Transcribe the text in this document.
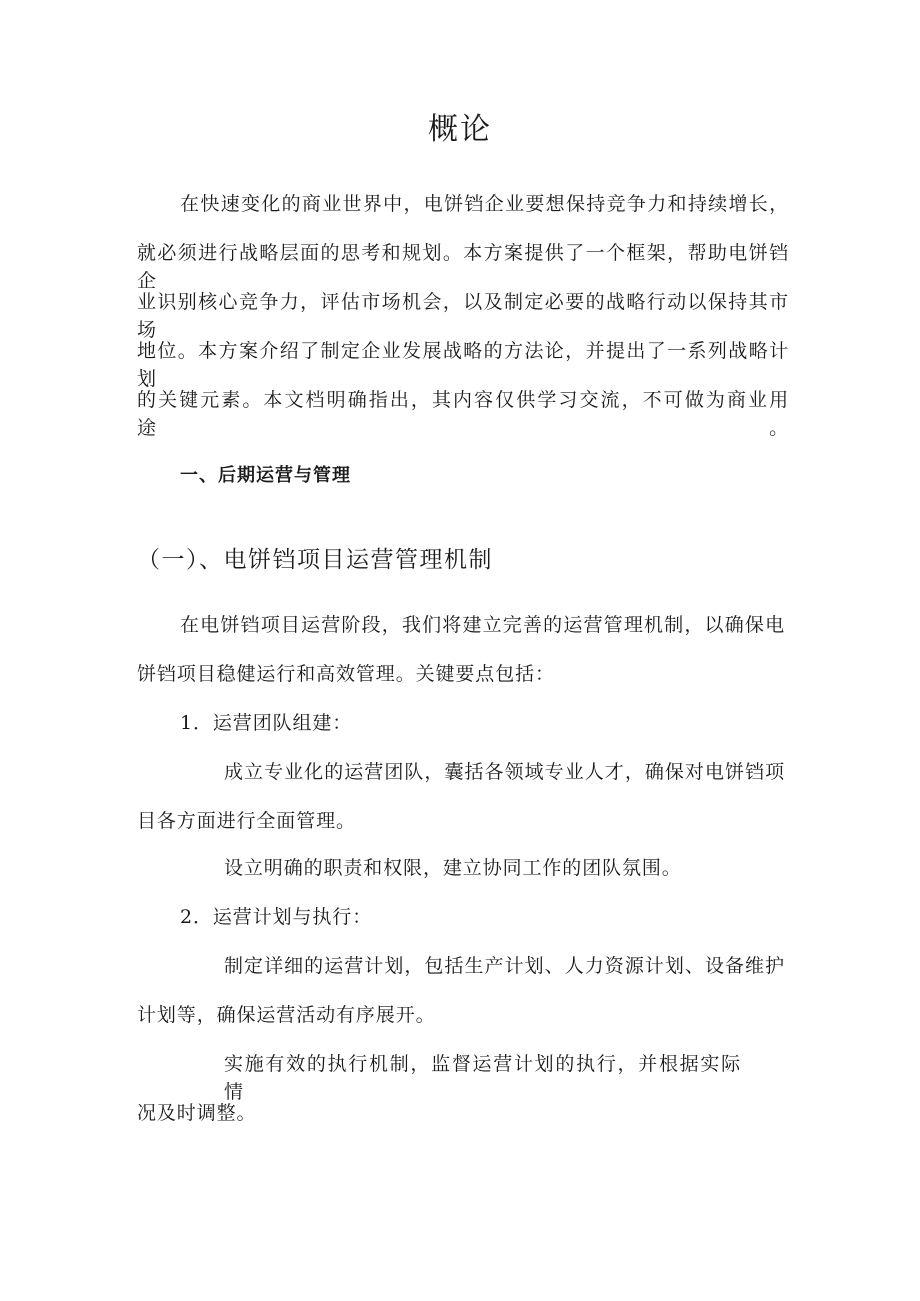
概论
在快速变化的商业世界中，电饼铛企业要想保持竞争力和持续增长，
就必须进行战略层面的思考和规划。本方案提供了一个框架，帮助电饼铛企
业识别核心竞争力，评估市场机会，以及制定必要的战略行动以保持其市场
地位。本方案介绍了制定企业发展战略的方法论，并提出了一系列战略计划
的关键元素。本文档明确指出，其内容仅供学习交流，不可做为商业用途。
一、后期运营与管理
（一）、电饼铛项目运营管理机制
在电饼铛项目运营阶段，我们将建立完善的运营管理机制，以确保电
饼铛项目稳健运行和高效管理。关键要点包括：
1．运营团队组建：
成立专业化的运营团队，囊括各领域专业人才，确保对电饼铛项
目各方面进行全面管理。
设立明确的职责和权限，建立协同工作的团队氛围。
2．运营计划与执行：
制定详细的运营计划，包括生产计划、人力资源计划、设备维护
计划等，确保运营活动有序展开。
实施有效的执行机制，监督运营计划的执行，并根据实际情
况及时调整。
